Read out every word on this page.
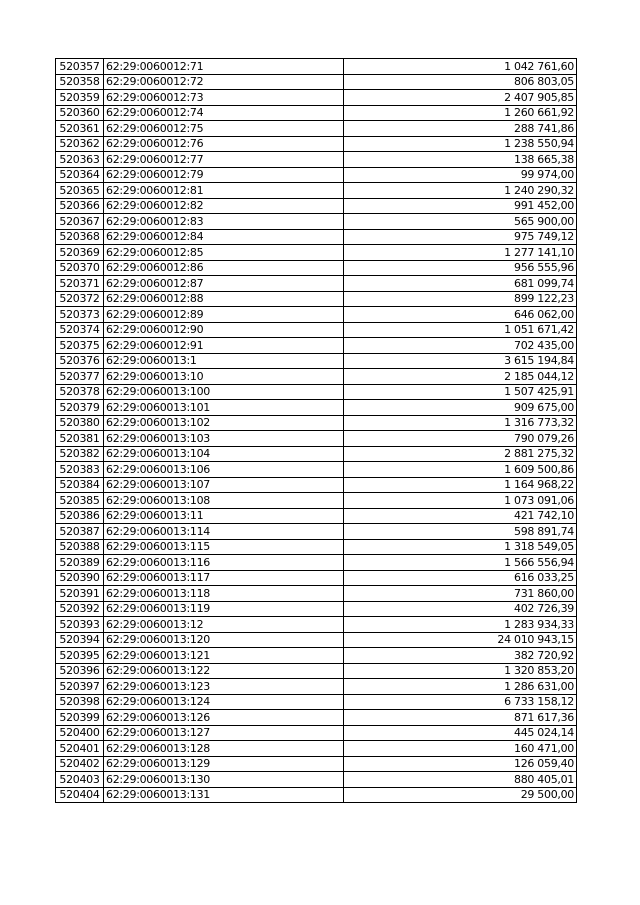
520357	62:29:0060012:71	1 042 761,60
520358	62:29:0060012:72	806 803,05
520359	62:29:0060012:73	2 407 905,85
520360	62:29:0060012:74	1 260 661,92
520361	62:29:0060012:75	288 741,86
520362	62:29:0060012:76	1 238 550,94
520363	62:29:0060012:77	138 665,38
520364	62:29:0060012:79	99 974,00
520365	62:29:0060012:81	1 240 290,32
520366	62:29:0060012:82	991 452,00
520367	62:29:0060012:83	565 900,00
520368	62:29:0060012:84	975 749,12
520369	62:29:0060012:85	1 277 141,10
520370	62:29:0060012:86	956 555,96
520371	62:29:0060012:87	681 099,74
520372	62:29:0060012:88	899 122,23
520373	62:29:0060012:89	646 062,00
520374	62:29:0060012:90	1 051 671,42
520375	62:29:0060012:91	702 435,00
520376	62:29:0060013:1	3 615 194,84
520377	62:29:0060013:10	2 185 044,12
520378	62:29:0060013:100	1 507 425,91
520379	62:29:0060013:101	909 675,00
520380	62:29:0060013:102	1 316 773,32
520381	62:29:0060013:103	790 079,26
520382	62:29:0060013:104	2 881 275,32
520383	62:29:0060013:106	1 609 500,86
520384	62:29:0060013:107	1 164 968,22
520385	62:29:0060013:108	1 073 091,06
520386	62:29:0060013:11	421 742,10
520387	62:29:0060013:114	598 891,74
520388	62:29:0060013:115	1 318 549,05
520389	62:29:0060013:116	1 566 556,94
520390	62:29:0060013:117	616 033,25
520391	62:29:0060013:118	731 860,00
520392	62:29:0060013:119	402 726,39
520393	62:29:0060013:12	1 283 934,33
520394	62:29:0060013:120	24 010 943,15
520395	62:29:0060013:121	382 720,92
520396	62:29:0060013:122	1 320 853,20
520397	62:29:0060013:123	1 286 631,00
520398	62:29:0060013:124	6 733 158,12
520399	62:29:0060013:126	871 617,36
520400	62:29:0060013:127	445 024,14
520401	62:29:0060013:128	160 471,00
520402	62:29:0060013:129	126 059,40
520403	62:29:0060013:130	880 405,01
520404	62:29:0060013:131	29 500,00
